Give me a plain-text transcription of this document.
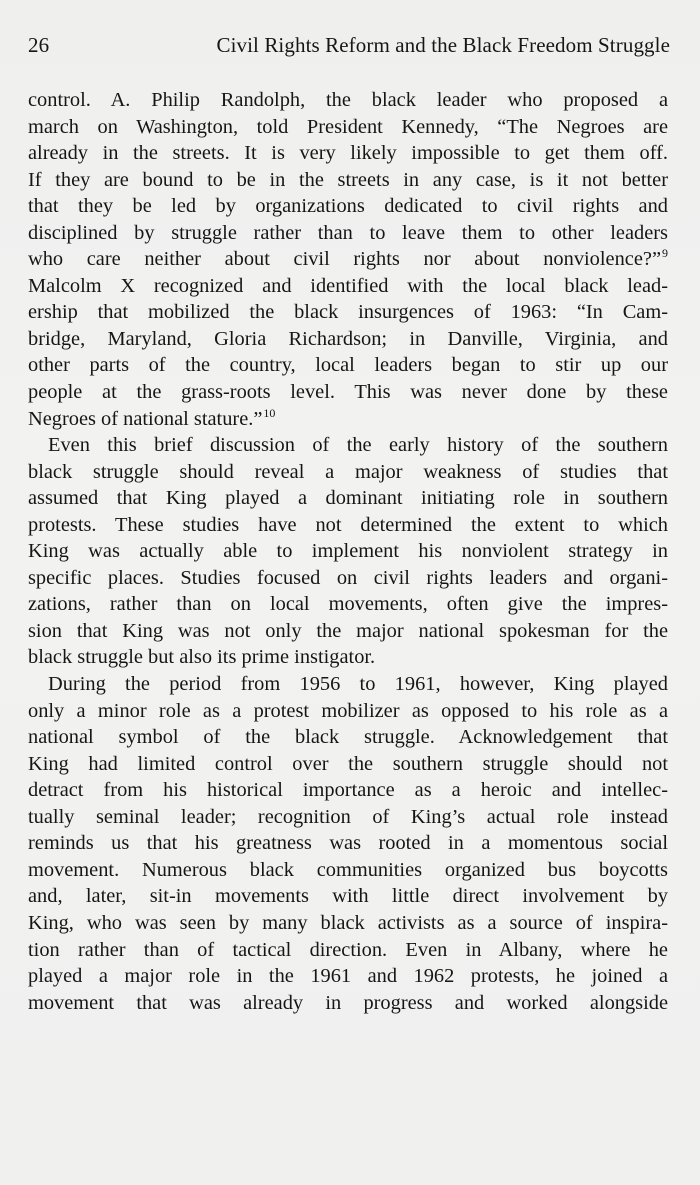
26	Civil Rights Reform and the Black Freedom Struggle
control. A. Philip Randolph, the black leader who proposed a
march on Washington, told President Kennedy, “The Negroes are
already in the streets. It is very likely impossible to get them off.
If they are bound to be in the streets in any case, is it not better
that they be led by organizations dedicated to civil rights and
disciplined by struggle rather than to leave them to other leaders
who care neither about civil rights nor about nonviolence?”$^9$
Malcolm X recognized and identified with the local black lead-
ership that mobilized the black insurgences of 1963: “In Cam-
bridge, Maryland, Gloria Richardson; in Danville, Virginia, and
other parts of the country, local leaders began to stir up our
people at the grass-roots level. This was never done by these
Negroes of national stature.”$^{10}$
Even this brief discussion of the early history of the southern
black struggle should reveal a major weakness of studies that
assumed that King played a dominant initiating role in southern
protests. These studies have not determined the extent to which
King was actually able to implement his nonviolent strategy in
specific places. Studies focused on civil rights leaders and organi-
zations, rather than on local movements, often give the impres-
sion that King was not only the major national spokesman for the
black struggle but also its prime instigator.
During the period from 1956 to 1961, however, King played
only a minor role as a protest mobilizer as opposed to his role as a
national symbol of the black struggle. Acknowledgement that
King had limited control over the southern struggle should not
detract from his historical importance as a heroic and intellec-
tually seminal leader; recognition of King’s actual role instead
reminds us that his greatness was rooted in a momentous social
movement. Numerous black communities organized bus boycotts
and, later, sit-in movements with little direct involvement by
King, who was seen by many black activists as a source of inspira-
tion rather than of tactical direction. Even in Albany, where he
played a major role in the 1961 and 1962 protests, he joined a
movement that was already in progress and worked alongside
